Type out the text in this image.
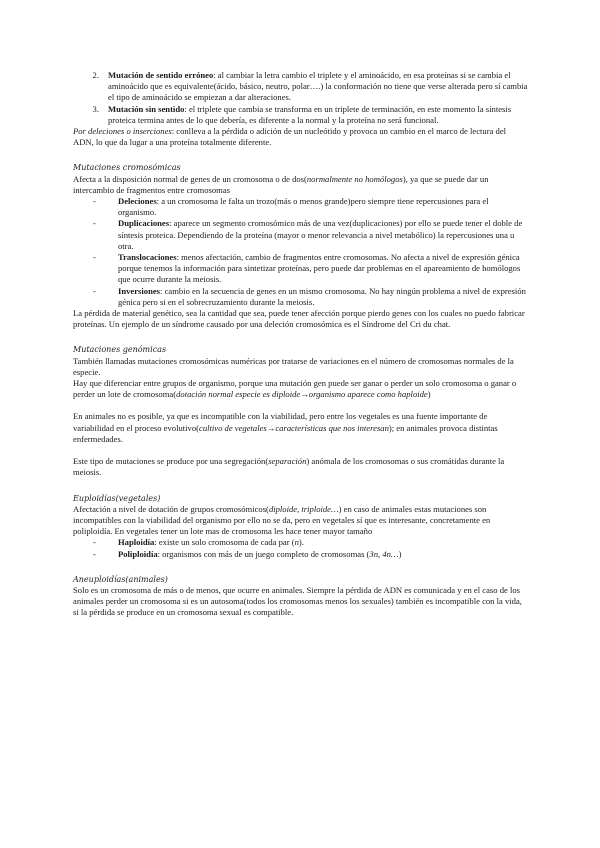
2.	Mutación de sentido erróneo: al cambiar la letra cambio el triplete y el aminoácido, en esa proteínas si se cambia el aminoácido que es equivalente(ácido, básico, neutro, polar….) la conformación no tiene que verse alterada pero sí cambia el tipo de aminoácido se empiezan a dar alteraciones.

3.	Mutación sin sentido: el triplete que cambia se transforma en un triplete de terminación, en este momento la síntesis proteica termina antes de lo que debería, es diferente a la normal y la proteína no será funcional.

Por deleciones o inserciones: conlleva a la pérdida o adición de un nucleótido y provoca un cambio en el marco de lectura del ADN, lo que da lugar a una proteína totalmente diferente.

Mutaciones cromosómicas

Afecta a la disposición normal de genes de un cromosoma o de dos(normalmente no homólogos), ya que se puede dar un intercambio de fragmentos entre cromosomas

-	Deleciones: a un cromosoma le falta un trozo(más o menos grande)pero siempre tiene repercusiones para el organismo.

-	Duplicaciones: aparece un segmento cromosómico más de una vez(duplicaciones) por ello se puede tener el doble de síntesis proteica. Dependiendo de la proteína (mayor o menor relevancia a nivel metabólico) la repercusiones una u otra.

-	Translocaciones: menos afectación, cambio de fragmentos entre cromosomas. No afecta a nivel de expresión génica porque tenemos la información para sintetizar proteínas, pero puede dar problemas en el apareamiento de homólogos que ocurre durante la meiosis.

-	Inversiones: cambio en la secuencia de genes en un mismo cromosoma. No hay ningún problema a nivel de expresión génica pero si en el sobrecruzamiento durante la meiosis.

La pérdida de material genético, sea la cantidad que sea, puede tener afección porque pierdo genes con los cuales no puedo fabricar proteínas. Un ejemplo de un síndrome causado por una deleción cromosómica es el Síndrome del Cri du chat.

Mutaciones genómicas

También llamadas mutaciones cromosómicas numéricas por tratarse de variaciones en el número de cromosomas normales de la especie.

Hay que diferenciar entre grupos de organismo, porque una mutación gen puede ser ganar o perder un solo cromosoma o ganar o perder un lote de cromosoma(dotación normal especie es diploide→organismo aparece como haploide)

En animales no es posible, ya que es incompatible con la viabilidad, pero entre los vegetales es una fuente importante de variabilidad en el proceso evolutivo(cultivo de vegetales→características que nos interesan); en animales provoca distintas enfermedades.

Este tipo de mutaciones se produce por una segregación(separación) anómala de los cromosomas o sus cromátidas durante la meiosis.

Euploidías(vegetales)

Afectación a nivel de dotación de grupos cromosómicos(diploide, triploide…) en caso de animales estas mutaciones son incompatibles con la viabilidad del organismo por ello no se da, pero en vegetales sí que es interesante, concretamente en poliploidía. En vegetales tener un lote mas de cromosoma les hace tener mayor tamaño

-	Haploidía: existe un solo cromosoma de cada par (n).

-	Poliploidía: organismos con más de un juego completo de cromosomas (3n, 4n…)

Aneuploidías(animales)

Solo es un cromosoma de más o de menos, que ocurre en animales. Siempre la pérdida de ADN es comunicada y en el caso de los animales perder un cromosoma si es un autosoma(todos los cromosomas menos los sexuales) también es incompatible con la vida, si la pérdida se produce en un cromosoma sexual es compatible.
